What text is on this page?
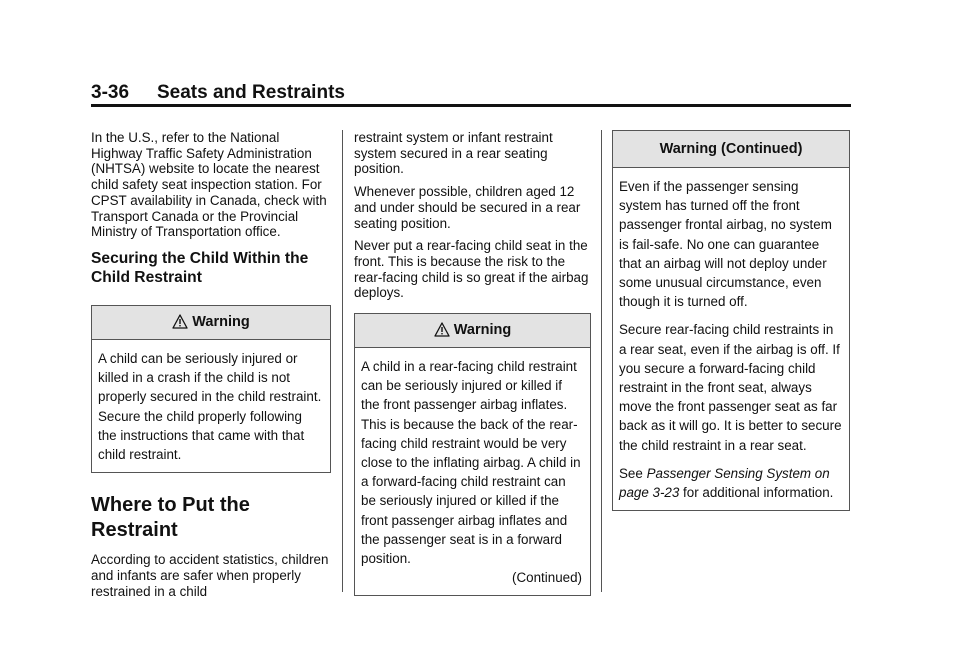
3-36 Seats and Restraints

In the U.S., refer to the National Highway Traffic Safety Administration (NHTSA) website to locate the nearest child safety seat inspection station. For CPST availability in Canada, check with Transport Canada or the Provincial Ministry of Transportation office.

Securing the Child Within the Child Restraint
Warning
A child can be seriously injured or killed in a crash if the child is not properly secured in the child restraint. Secure the child properly following the instructions that came with that child restraint.
Where to Put the Restraint

According to accident statistics, children and infants are safer when properly restrained in a child

restraint system or infant restraint system secured in a rear seating position.

Whenever possible, children aged 12 and under should be secured in a rear seating position.

Never put a rear-facing child seat in the front. This is because the risk to the rear-facing child is so great if the airbag deploys.

Warning
A child in a rear-facing child restraint can be seriously injured or killed if the front passenger airbag inflates. This is because the back of the rear-facing child restraint would be very close to the inflating airbag. A child in a forward-facing child restraint can be seriously injured or killed if the front passenger airbag inflates and the passenger seat is in a forward position.
(Continued)
Warning (Continued)

Even if the passenger sensing system has turned off the front passenger frontal airbag, no system is fail-safe. No one can guarantee that an airbag will not deploy under some unusual circumstance, even though it is turned off.

Secure rear-facing child restraints in a rear seat, even if the airbag is off. If you secure a forward-facing child restraint in the front seat, always move the front passenger seat as far back as it will go. It is better to secure the child restraint in a rear seat.

See Passenger Sensing System on page 3-23 for additional information.
